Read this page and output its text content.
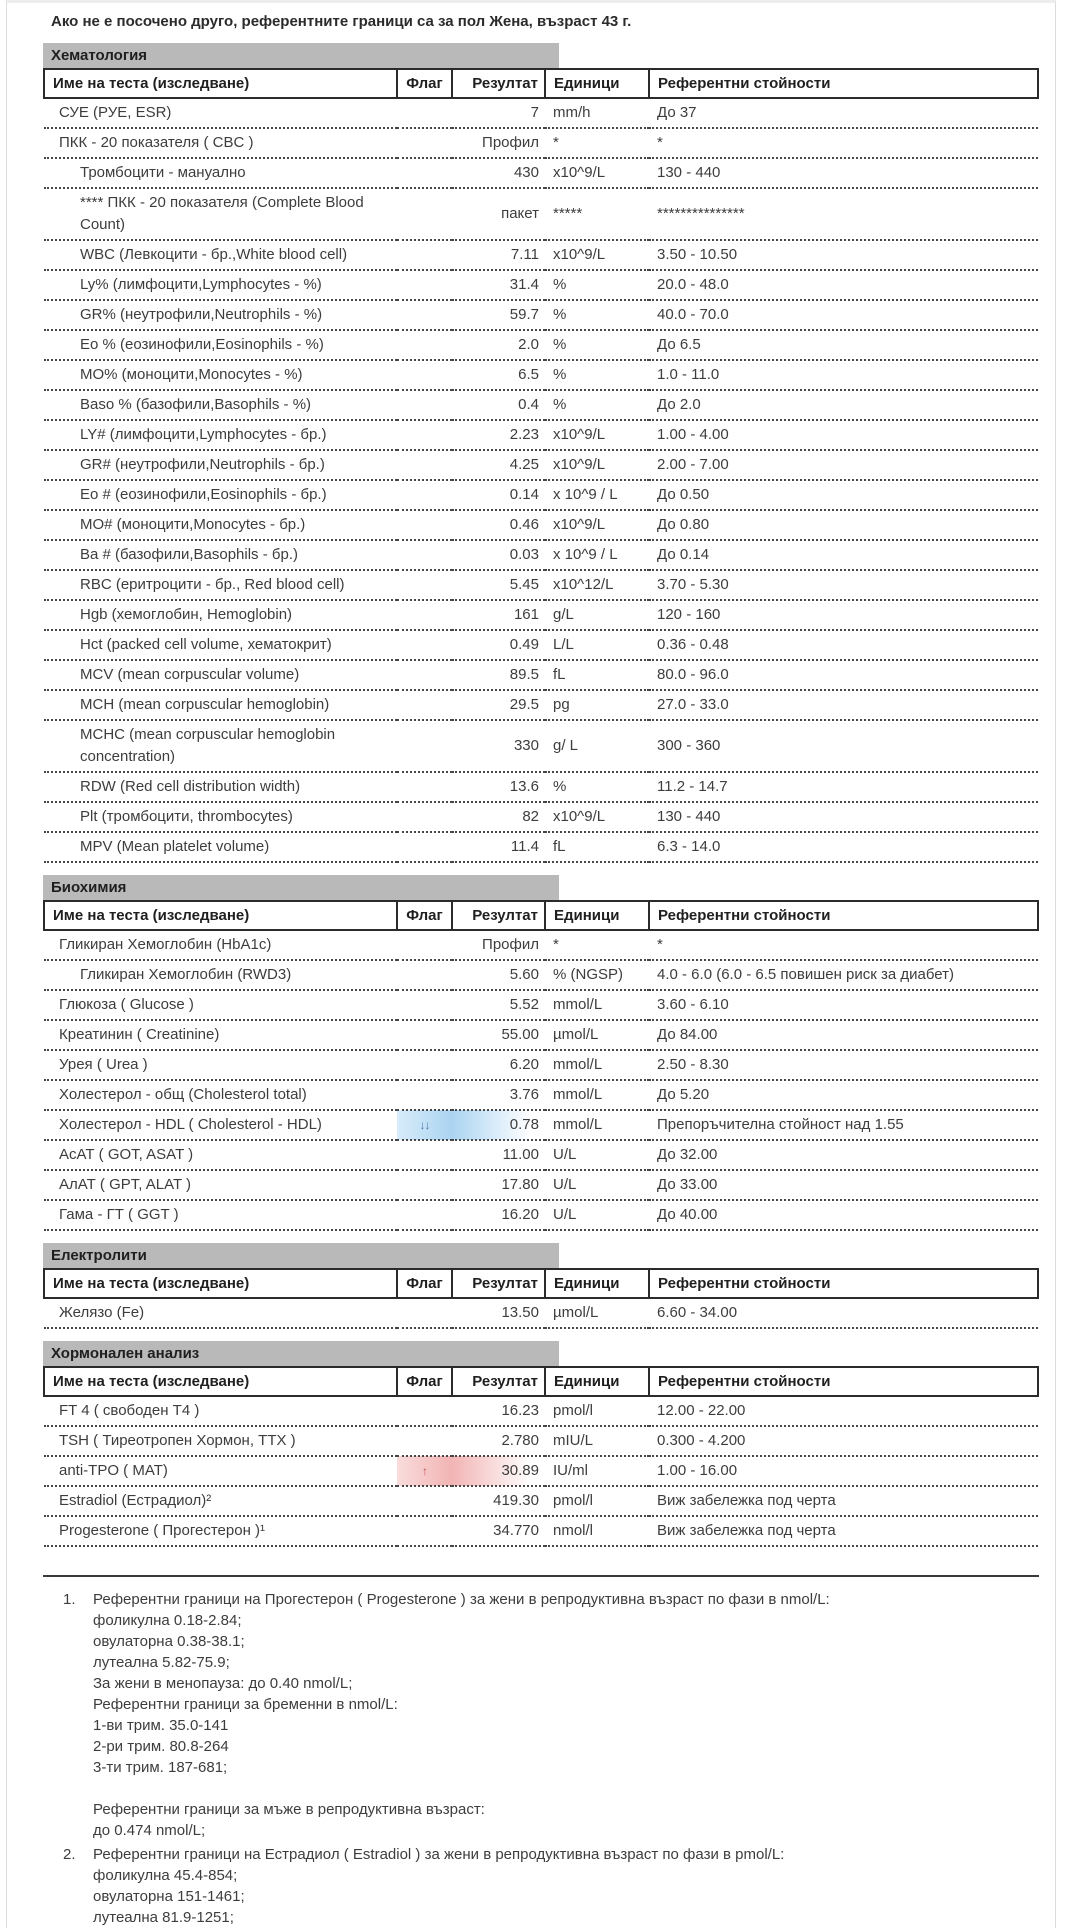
Ако не е посочено друго, референтните граници са за пол Жена, възраст 43 г.
Хематология
Име на теста (изследване)	Флаг	Резултат	Единици	Референтни стойности
СУЕ (РУЕ, ESR)		7	mm/h	До 37
ПКК - 20 показателя ( CBC )		Профил	*	*
Тромбоцити - мануално		430	x10^9/L	130 - 440
**** ПКК - 20 показателя (Complete Blood Count)		пакет	*****	***************
WBC (Левкоцити - бр.,White blood cell)		7.11	x10^9/L	3.50 - 10.50
Ly% (лимфоцити,Lymphocytes - %)		31.4	%	20.0 - 48.0
GR% (неутрофили,Neutrophils - %)		59.7	%	40.0 - 70.0
Eo % (еозинофили,Eosinophils - %)		2.0	%	До 6.5
MO% (моноцити,Monocytes - %)		6.5	%	1.0 - 11.0
Baso % (базофили,Basophils - %)		0.4	%	До 2.0
LY# (лимфоцити,Lymphocytes - бр.)		2.23	x10^9/L	1.00 - 4.00
GR# (неутрофили,Neutrophils - бр.)		4.25	x10^9/L	2.00 - 7.00
Eo # (еозинофили,Eosinophils - бр.)		0.14	x 10^9 / L	До 0.50
MO# (моноцити,Monocytes - бр.)		0.46	x10^9/L	До 0.80
Ba # (базофили,Basophils - бр.)		0.03	x 10^9 / L	До 0.14
RBC (еритроцити - бр., Red blood cell)		5.45	x10^12/L	3.70 - 5.30
Hgb (хемоглобин, Hemoglobin)		161	g/L	120 - 160
Hct (packed cell volume, хематокрит)		0.49	L/L	0.36 - 0.48
MCV (mean corpuscular volume)		89.5	fL	80.0 - 96.0
MCH (mean corpuscular hemoglobin)		29.5	pg	27.0 - 33.0
MCHC (mean corpuscular hemoglobin concentration)		330	g/ L	300 - 360
RDW (Red cell distribution width)		13.6	%	11.2 - 14.7
Plt (тромбоцити, thrombocytes)		82	x10^9/L	130 - 440
MPV (Mean platelet volume)		11.4	fL	6.3 - 14.0
Биохимия
Име на теста (изследване)	Флаг	Резултат	Единици	Референтни стойности
Гликиран Хемоглобин (HbA1c)		Профил	*	*
Гликиран Хемоглобин (RWD3)		5.60	% (NGSP)	4.0 - 6.0 (6.0 - 6.5 повишен риск за диабет)
Глюкоза ( Glucose )		5.52	mmol/L	3.60 - 6.10
Креатинин ( Creatinine)		55.00	µmol/L	До 84.00
Урея ( Urea )		6.20	mmol/L	2.50 - 8.30
Холестерол - общ (Cholesterol total)		3.76	mmol/L	До 5.20
Холестерол - HDL ( Cholesterol - HDL)	↓↓	0.78	mmol/L	Препоръчителна стойност над 1.55
АсАТ ( GOT, ASAT )		11.00	U/L	До 32.00
АлАТ ( GPT, ALAT )		17.80	U/L	До 33.00
Гама - ГТ ( GGT )		16.20	U/L	До 40.00
Електролити
Име на теста (изследване)	Флаг	Резултат	Единици	Референтни стойности
Желязо (Fe)		13.50	µmol/L	6.60 - 34.00
Хормонален анализ
Име на теста (изследване)	Флаг	Резултат	Единици	Референтни стойности
FT 4 ( свободен Т4 )		16.23	pmol/l	12.00 - 22.00
TSH ( Тиреотропен Хормон, ТТХ )		2.780	mIU/L	0.300 - 4.200
anti-TPO ( MAT)	↑	30.89	IU/ml	1.00 - 16.00
Estradiol (Естрадиол)²		419.30	pmol/l	Виж забележка под черта
Progesterone ( Прогестерон )¹		34.770	nmol/l	Виж забележка под черта
1.	Референтни граници на Прогестерон ( Progesterone ) за жени в репродуктивна възраст по фази в nmol/L:
фоликулна 0.18-2.84;
овулаторна 0.38-38.1;
лутеална 5.82-75.9;
За жени в менопауза: до 0.40 nmol/L;
Референтни граници за бременни в nmol/L:
1-ви трим. 35.0-141
2-ри трим. 80.8-264
3-ти трим. 187-681;

Референтни граници за мъже в репродуктивна възраст:
до 0.474 nmol/L;
2.	Референтни граници на Естрадиол ( Estradiol ) за жени в репродуктивна възраст по фази в pmol/L:
фоликулна 45.4-854;
овулаторна 151-1461;
лутеална 81.9-1251;
